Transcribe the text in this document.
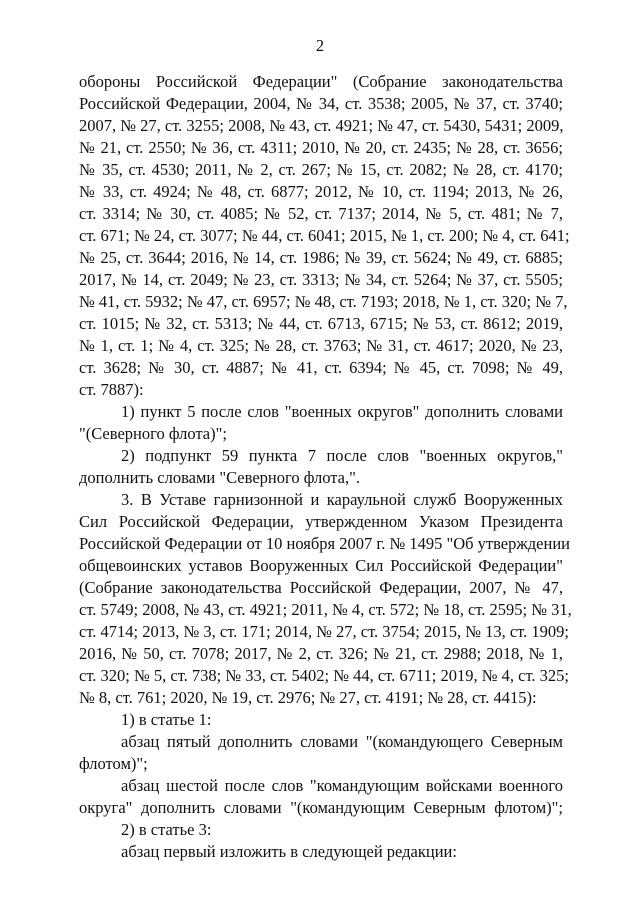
2
обороны Российской Федерации" (Собрание законодательства
Российской Федерации, 2004, № 34, ст. 3538; 2005, № 37, ст. 3740;
2007, № 27, ст. 3255; 2008, № 43, ст. 4921; № 47, ст. 5430, 5431; 2009,
№ 21, ст. 2550; № 36, ст. 4311; 2010, № 20, ст. 2435; № 28, ст. 3656;
№ 35, ст. 4530; 2011, № 2, ст. 267; № 15, ст. 2082; № 28, ст. 4170;
№ 33, ст. 4924; № 48, ст. 6877; 2012, № 10, ст. 1194; 2013, № 26,
ст. 3314; № 30, ст. 4085; № 52, ст. 7137; 2014, № 5, ст. 481; № 7,
ст. 671; № 24, ст. 3077; № 44, ст. 6041; 2015, № 1, ст. 200; № 4, ст. 641;
№ 25, ст. 3644; 2016, № 14, ст. 1986; № 39, ст. 5624; № 49, ст. 6885;
2017, № 14, ст. 2049; № 23, ст. 3313; № 34, ст. 5264; № 37, ст. 5505;
№ 41, ст. 5932; № 47, ст. 6957; № 48, ст. 7193; 2018, № 1, ст. 320; № 7,
ст. 1015; № 32, ст. 5313; № 44, ст. 6713, 6715; № 53, ст. 8612; 2019,
№ 1, ст. 1; № 4, ст. 325; № 28, ст. 3763; № 31, ст. 4617; 2020, № 23,
ст. 3628; № 30, ст. 4887; № 41, ст. 6394; № 45, ст. 7098; № 49,
ст. 7887):
1) пункт 5 после слов "военных округов" дополнить словами
"(Северного флота)";
2) подпункт 59 пункта 7 после слов "военных округов,"
дополнить словами "Северного флота,".
3. В Уставе гарнизонной и караульной служб Вооруженных
Сил Российской Федерации, утвержденном Указом Президента
Российской Федерации от 10 ноября 2007 г. № 1495 "Об утверждении
общевоинских уставов Вооруженных Сил Российской Федерации"
(Собрание законодательства Российской Федерации, 2007, № 47,
ст. 5749; 2008, № 43, ст. 4921; 2011, № 4, ст. 572; № 18, ст. 2595; № 31,
ст. 4714; 2013, № 3, ст. 171; 2014, № 27, ст. 3754; 2015, № 13, ст. 1909;
2016, № 50, ст. 7078; 2017, № 2, ст. 326; № 21, ст. 2988; 2018, № 1,
ст. 320; № 5, ст. 738; № 33, ст. 5402; № 44, ст. 6711; 2019, № 4, ст. 325;
№ 8, ст. 761; 2020, № 19, ст. 2976; № 27, ст. 4191; № 28, ст. 4415):
1) в статье 1:
абзац пятый дополнить словами "(командующего Северным
флотом)";
абзац шестой после слов "командующим войсками военного
округа" дополнить словами "(командующим Северным флотом)";
2) в статье 3:
абзац первый изложить в следующей редакции:
